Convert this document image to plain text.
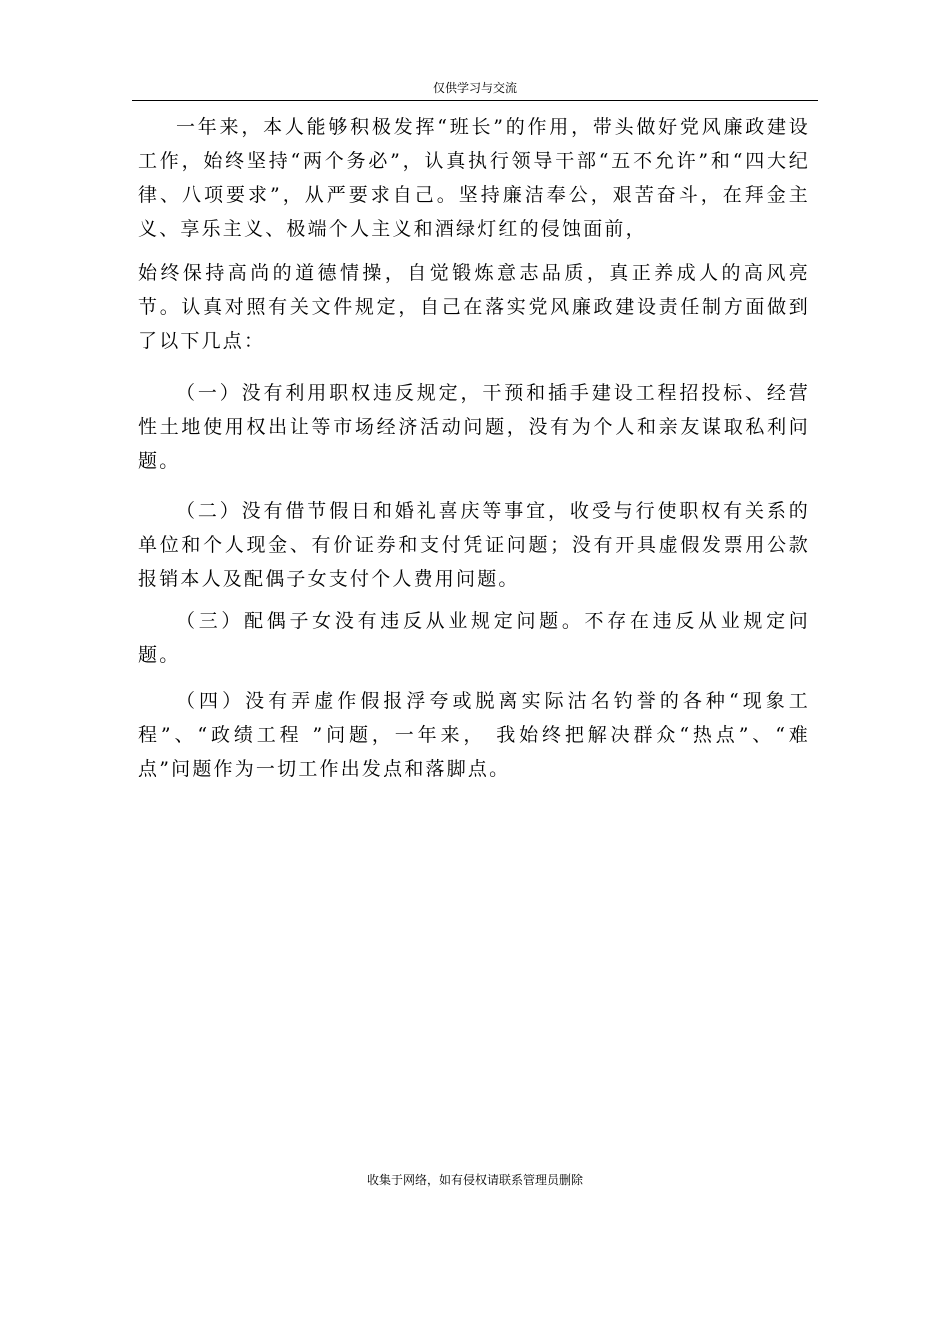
仅供学习与交流

一年来，本人能够积极发挥“班长”的作用，带头做好党风廉政建设工作，始终坚持“两个务必”，认真执行领导干部“五不允许”和“四大纪律、八项要求”，从严要求自己。坚持廉洁奉公，艰苦奋斗，在拜金主义、享乐主义、极端个人主义和酒绿灯红的侵蚀面前，

始终保持高尚的道德情操，自觉锻炼意志品质，真正养成人的高风亮节。认真对照有关文件规定，自己在落实党风廉政建设责任制方面做到了以下几点：

（一）没有利用职权违反规定，干预和插手建设工程招投标、经营性土地使用权出让等市场经济活动问题，没有为个人和亲友谋取私利问题。

（二）没有借节假日和婚礼喜庆等事宜，收受与行使职权有关系的单位和个人现金、有价证券和支付凭证问题；没有开具虚假发票用公款报销本人及配偶子女支付个人费用问题。

（三）配偶子女没有违反从业规定问题。不存在违反从业规定问题。

（四）没有弄虚作假报浮夸或脱离实际沽名钓誉的各种“现象工程”、“政绩工程 ”问题，一年来， 我始终把解决群众“热点”、“难点”问题作为一切工作出发点和落脚点。

收集于网络，如有侵权请联系管理员删除
